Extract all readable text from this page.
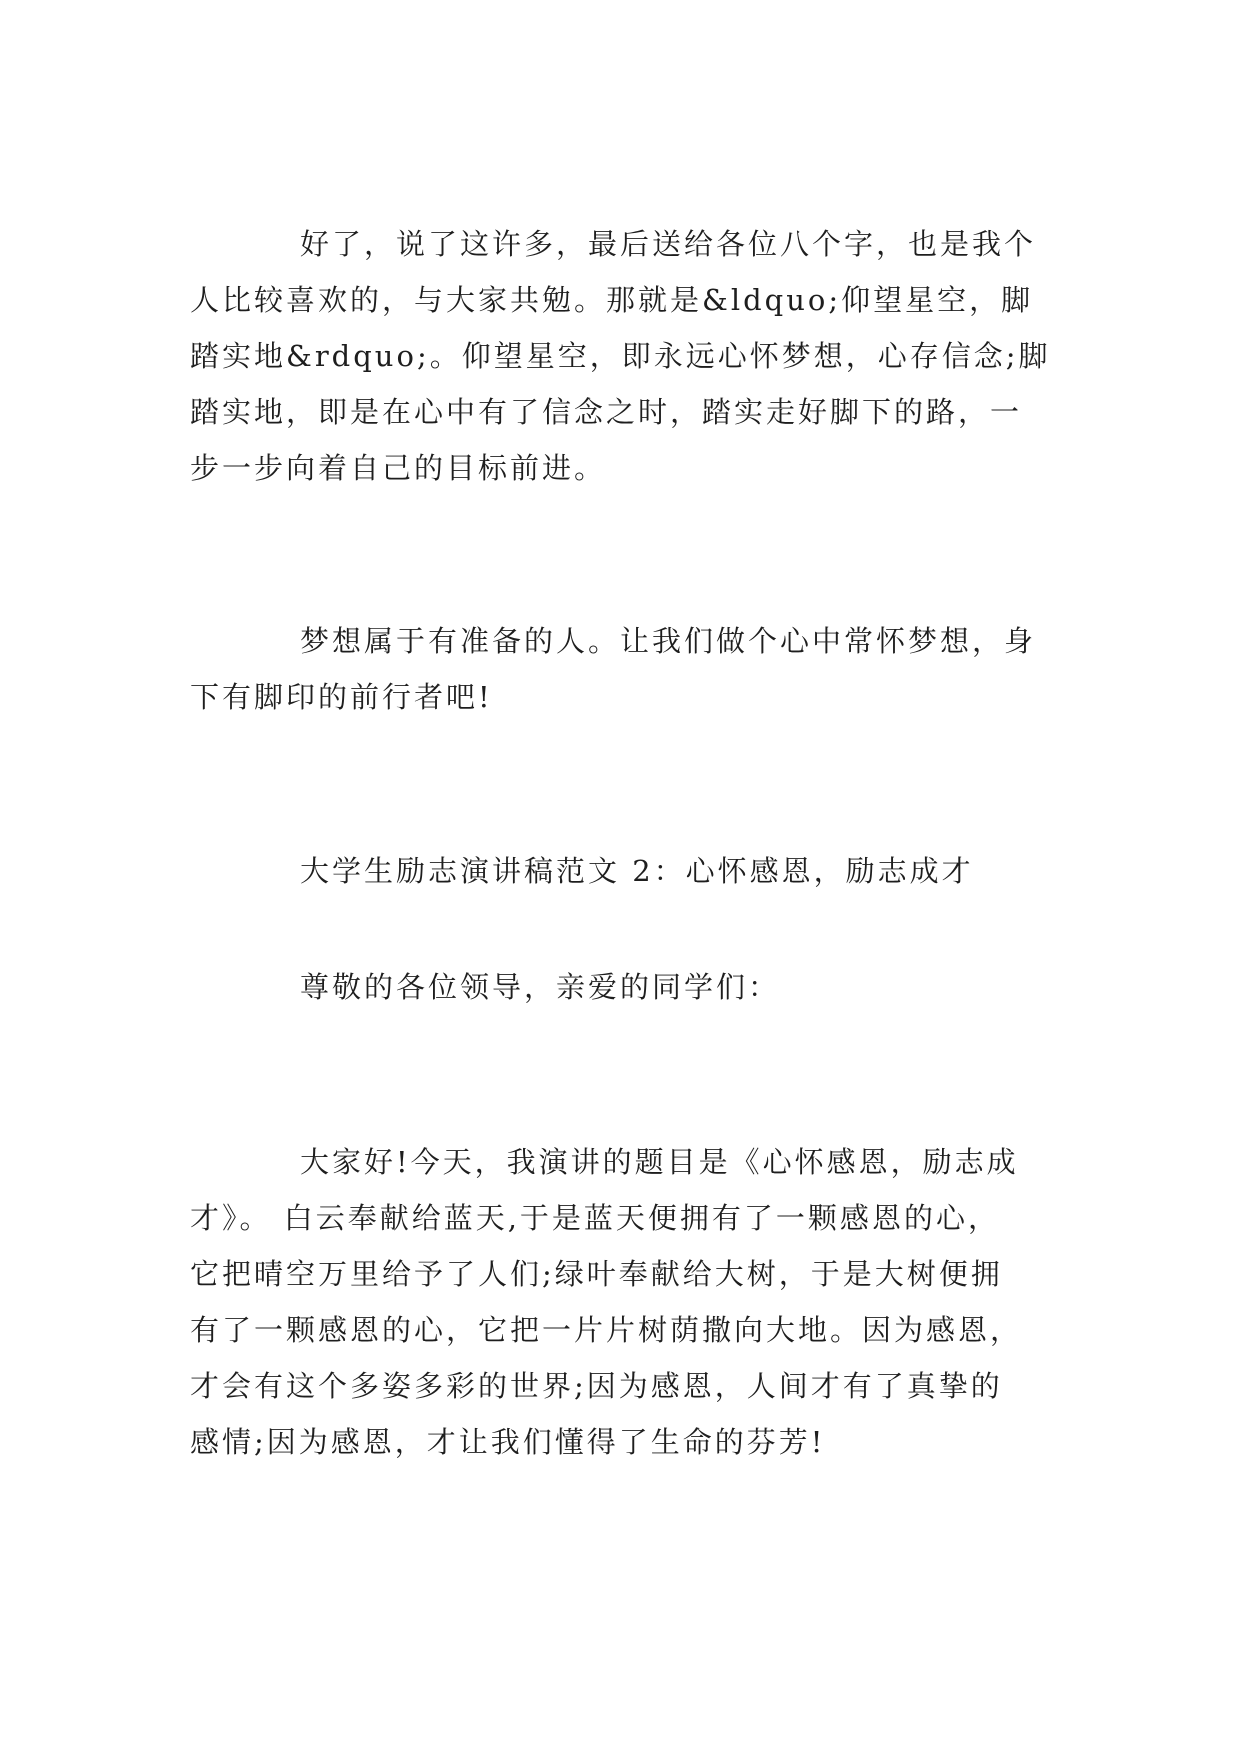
好了，说了这许多，最后送给各位八个字，也是我个

人比较喜欢的，与大家共勉。那就是&ldquo;仰望星空，脚

踏实地&rdquo;。仰望星空，即永远心怀梦想，心存信念;脚

踏实地，即是在心中有了信念之时，踏实走好脚下的路，一

步一步向着自己的目标前进。

梦想属于有准备的人。让我们做个心中常怀梦想，身

下有脚印的前行者吧!

大学生励志演讲稿范文 2：心怀感恩，励志成才

尊敬的各位领导，亲爱的同学们：

大家好!今天，我演讲的题目是《心怀感恩，励志成

才》。 白云奉献给蓝天,于是蓝天便拥有了一颗感恩的心，

它把晴空万里给予了人们;绿叶奉献给大树，于是大树便拥

有了一颗感恩的心，它把一片片树荫撒向大地。因为感恩，

才会有这个多姿多彩的世界;因为感恩，人间才有了真挚的

感情;因为感恩，才让我们懂得了生命的芬芳!
